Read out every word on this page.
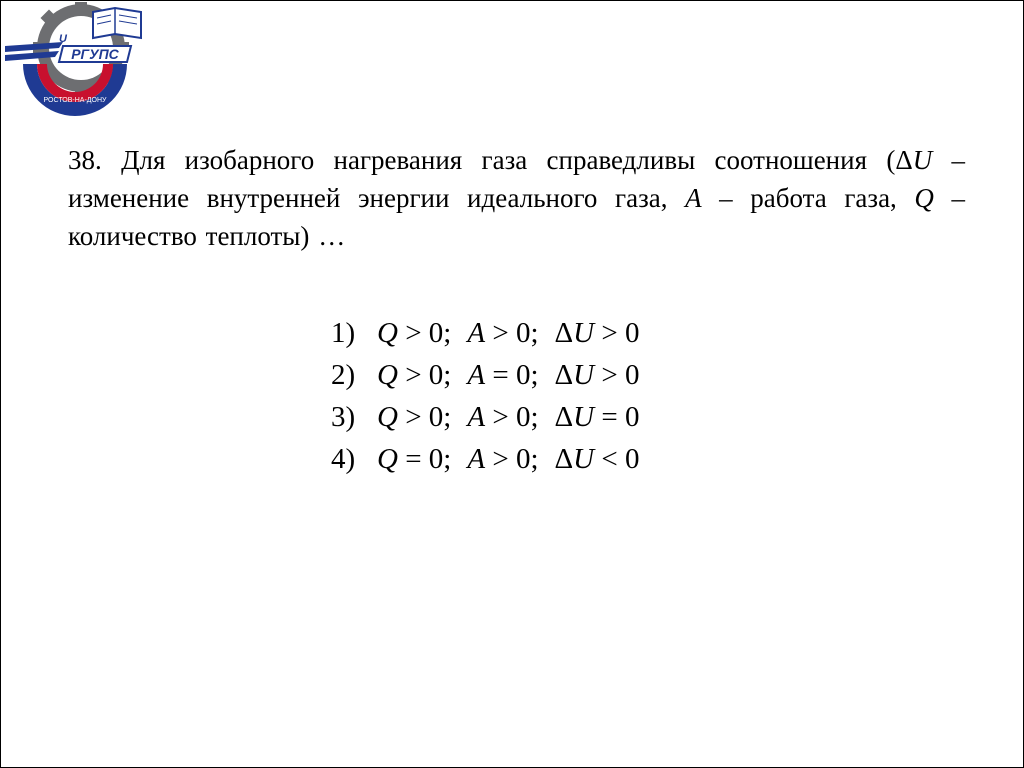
РОСТОВ-НА-ДОНУ
РГУПС
U
38. Для изобарного нагревания газа справедливы соотношения (ΔU – изменение внутренней энергии идеального газа, A – работа газа, Q – количество теплоты) …
1) Q > 0; A > 0; ΔU > 0
2) Q > 0; A = 0; ΔU > 0
3) Q > 0; A > 0; ΔU = 0
4) Q = 0; A > 0; ΔU < 0
